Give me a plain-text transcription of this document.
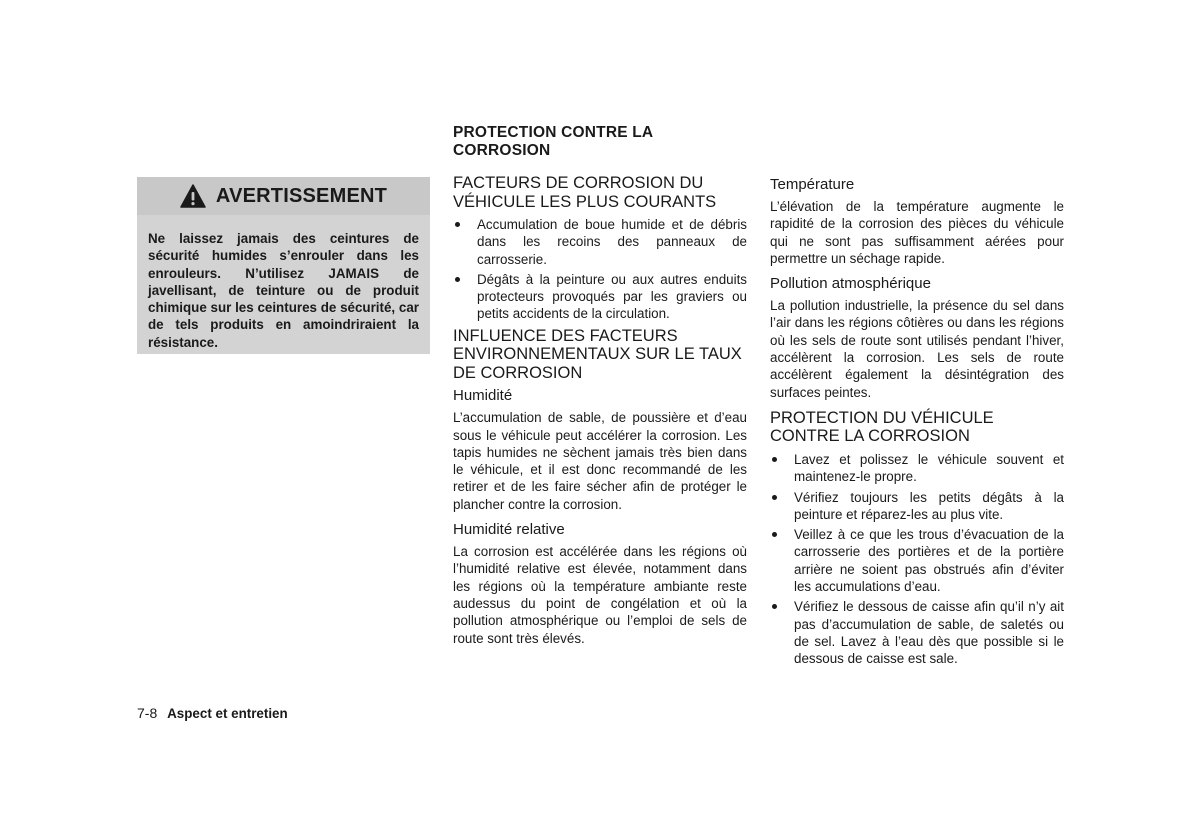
AVERTISSEMENT
Ne laissez jamais des ceintures de sécurité humides s’enrouler dans les enrouleurs. N’utilisez JAMAIS de javellisant, de teinture ou de produit chimique sur les ceintures de sécurité, car de tels produits en amoindriraient la résistance.
PROTECTION CONTRE LA CORROSION
FACTEURS DE CORROSION DU VÉHICULE LES PLUS COURANTS
Accumulation de boue humide et de débris dans les recoins des panneaux de carrosserie.
Dégâts à la peinture ou aux autres enduits protecteurs provoqués par les graviers ou petits accidents de la circulation.
INFLUENCE DES FACTEURS ENVIRONNEMENTAUX SUR LE TAUX DE CORROSION
Humidité

L’accumulation de sable, de poussière et d’eau sous le véhicule peut accélérer la corrosion. Les tapis humides ne sèchent jamais très bien dans le véhicule, et il est donc recommandé de les retirer et de les faire sécher afin de protéger le plancher contre la corrosion.

Humidité relative

La corrosion est accélérée dans les régions où l’humidité relative est élevée, notamment dans les régions où la température ambiante reste audessus du point de congélation et où la pollution atmosphérique ou l’emploi de sels de route sont très élevés.

Température

L’élévation de la température augmente le rapidité de la corrosion des pièces du véhicule qui ne sont pas suffisamment aérées pour permettre un séchage rapide.

Pollution atmosphérique

La pollution industrielle, la présence du sel dans l’air dans les régions côtières ou dans les régions où les sels de route sont utilisés pendant l’hiver, accélèrent la corrosion. Les sels de route accélèrent également la désintégration des surfaces peintes.

PROTECTION DU VÉHICULE CONTRE LA CORROSION
Lavez et polissez le véhicule souvent et maintenez-le propre.
Vérifiez toujours les petits dégâts à la peinture et réparez-les au plus vite.
Veillez à ce que les trous d’évacuation de la carrosserie des portières et de la portière arrière ne soient pas obstrués afin d’éviter les accumulations d’eau.
Vérifiez le dessous de caisse afin qu’il n’y ait pas d’accumulation de sable, de saletés ou de sel. Lavez à l’eau dès que possible si le dessous de caisse est sale.
7-8 Aspect et entretien
